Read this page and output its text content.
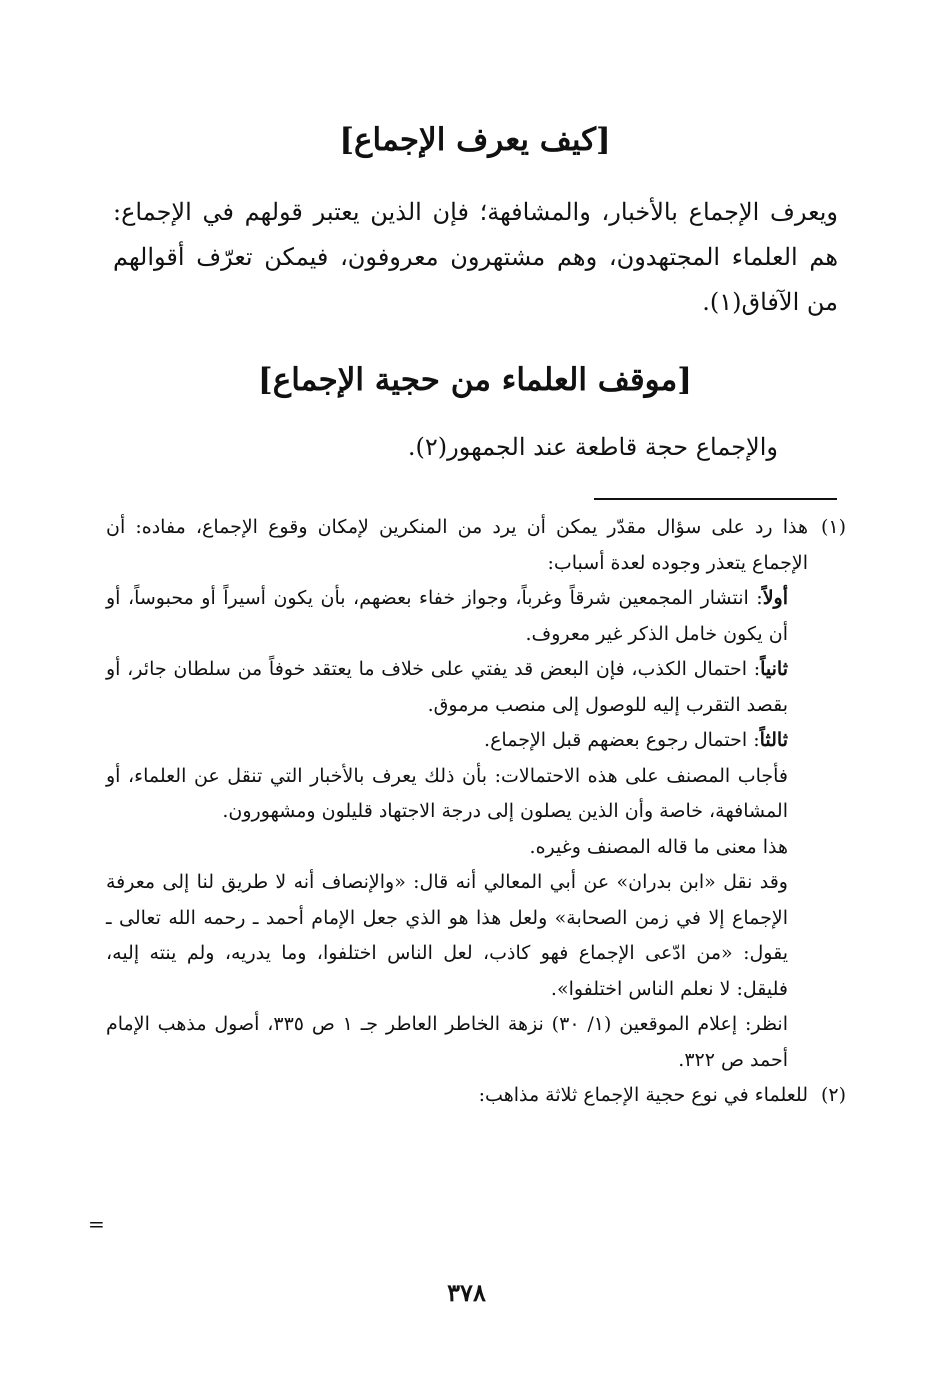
[كيف يعرف الإجماع]
ويعرف الإجماع بالأخبار، والمشافهة؛ فإن الذين يعتبر قولهم في الإجماع: هم العلماء المجتهدون، وهم مشتهرون معروفون، فيمكن تعرّف أقوالهم من الآفاق(١).
[موقف العلماء من حجية الإجماع]
والإجماع حجة قاطعة عند الجمهور(٢).
(١)

هذا رد على سؤال مقدّر يمكن أن يرد من المنكرين لإمكان وقوع الإجماع، مفاده: أن الإجماع يتعذر وجوده لعدة أسباب:

أولاً: انتشار المجمعين شرقاً وغرباً، وجواز خفاء بعضهم، بأن يكون أسيراً أو محبوساً، أو أن يكون خامل الذكر غير معروف.

ثانياً: احتمال الكذب، فإن البعض قد يفتي على خلاف ما يعتقد خوفاً من سلطان جائر، أو بقصد التقرب إليه للوصول إلى منصب مرموق.

ثالثاً: احتمال رجوع بعضهم قبل الإجماع.

فأجاب المصنف على هذه الاحتمالات: بأن ذلك يعرف بالأخبار التي تنقل عن العلماء، أو المشافهة، خاصة وأن الذين يصلون إلى درجة الاجتهاد قليلون ومشهورون.

هذا معنى ما قاله المصنف وغيره.

وقد نقل «ابن بدران» عن أبي المعالي أنه قال: «والإنصاف أنه لا طريق لنا إلى معرفة الإجماع إلا في زمن الصحابة» ولعل هذا هو الذي جعل الإمام أحمد ـ رحمه الله تعالى ـ يقول: «من ادّعى الإجماع فهو كاذب، لعل الناس اختلفوا، وما يدريه، ولم ينته إليه، فليقل: لا نعلم الناس اختلفوا».

انظر: إعلام الموقعين (١/ ٣٠) نزهة الخاطر العاطر جـ ١ ص ٣٣٥، أصول مذهب الإمام أحمد ص ٣٢٢.

(٢)

للعلماء في نوع حجية الإجماع ثلاثة مذاهب:

=
٣٧٨
